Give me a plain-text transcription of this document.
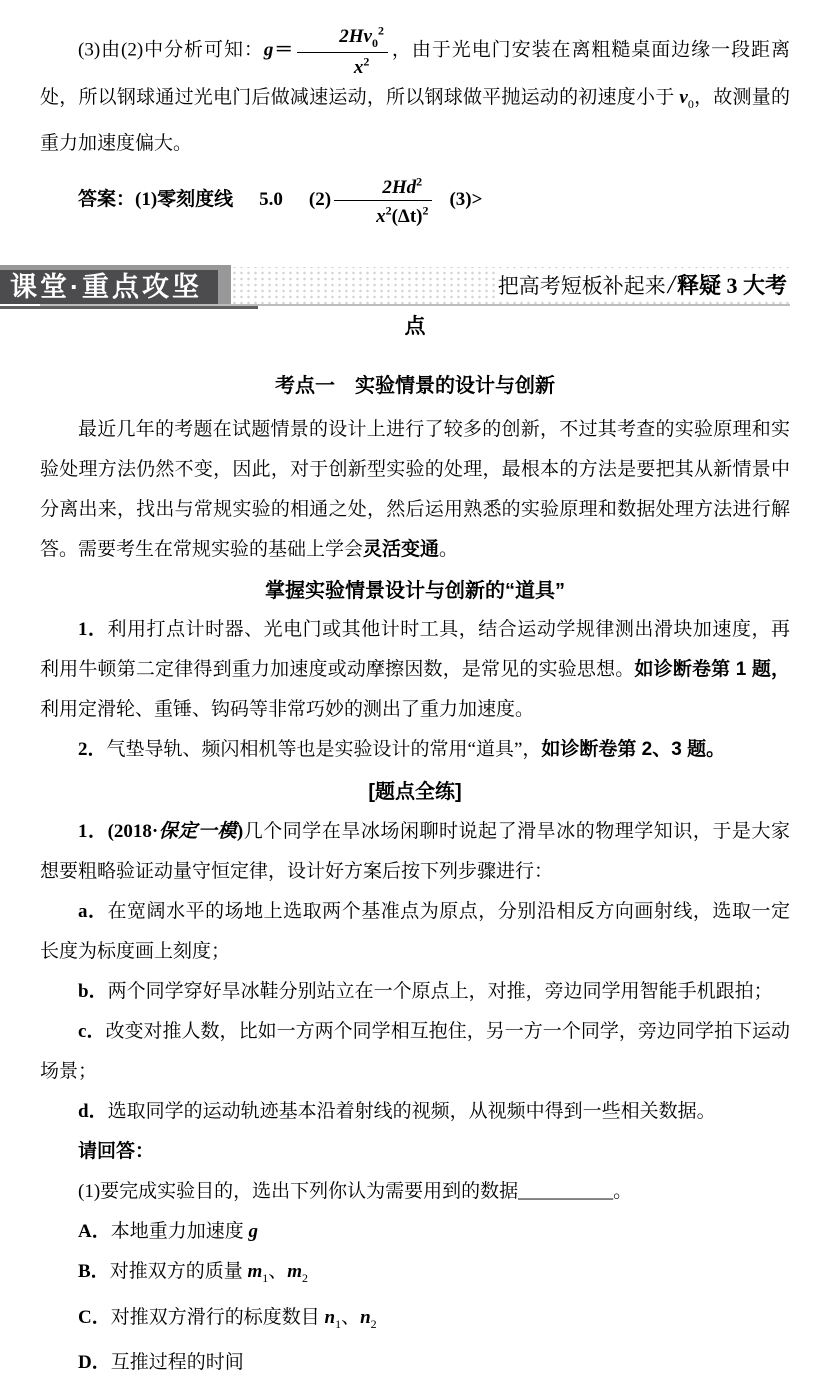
(3)由(2)中分析可知：$g= \frac{2Hv_0^2}{x^2}$ ，由于光电门安装在离粗糙桌面边缘一段距离处，所以钢球通过光电门后做减速运动，所以钢球做平抛运动的初速度小于 $v_0$，故测量的重力加速度偏大。

答案：(1)零刻度线 5.0 $(2) \frac{2Hd^2}{x^2(\Delta t)^2} (3)>$

课堂·重点攻坚	把高考短板补起来/释疑 3 大考
点
考点一　实验情景的设计与创新

最近几年的考题在试题情景的设计上进行了较多的创新，不过其考查的实验原理和实验处理方法仍然不变，因此，对于创新型实验的处理，最根本的方法是要把其从新情景中分离出来，找出与常规实验的相通之处，然后运用熟悉的实验原理和数据处理方法进行解答。需要考生在常规实验的基础上学会灵活变通。

掌握实验情景设计与创新的“道具”

1．利用打点计时器、光电门或其他计时工具，结合运动学规律测出滑块加速度，再利用牛顿第二定律得到重力加速度或动摩擦因数，是常见的实验思想。如诊断卷第 1 题，利用定滑轮、重锤、钩码等非常巧妙的测出了重力加速度。

2．气垫导轨、频闪相机等也是实验设计的常用“道具”，如诊断卷第 2、3 题。

[题点全练]

1．(2018·保定一模)几个同学在旱冰场闲聊时说起了滑旱冰的物理学知识，于是大家想要粗略验证动量守恒定律，设计好方案后按下列步骤进行：

a．在宽阔水平的场地上选取两个基准点为原点，分别沿相反方向画射线，选取一定长度为标度画上刻度；

b．两个同学穿好旱冰鞋分别站立在一个原点上，对推，旁边同学用智能手机跟拍；

c．改变对推人数，比如一方两个同学相互抱住，另一方一个同学，旁边同学拍下运动场景；

d．选取同学的运动轨迹基本沿着射线的视频，从视频中得到一些相关数据。

请回答：

(1)要完成实验目的，选出下列你认为需要用到的数据__________。

A．本地重力加速度 g

B．对推双方的质量 $m_1$、$m_2$

C．对推双方滑行的标度数目 $n_1$、$n_2$

D．互推过程的时间
